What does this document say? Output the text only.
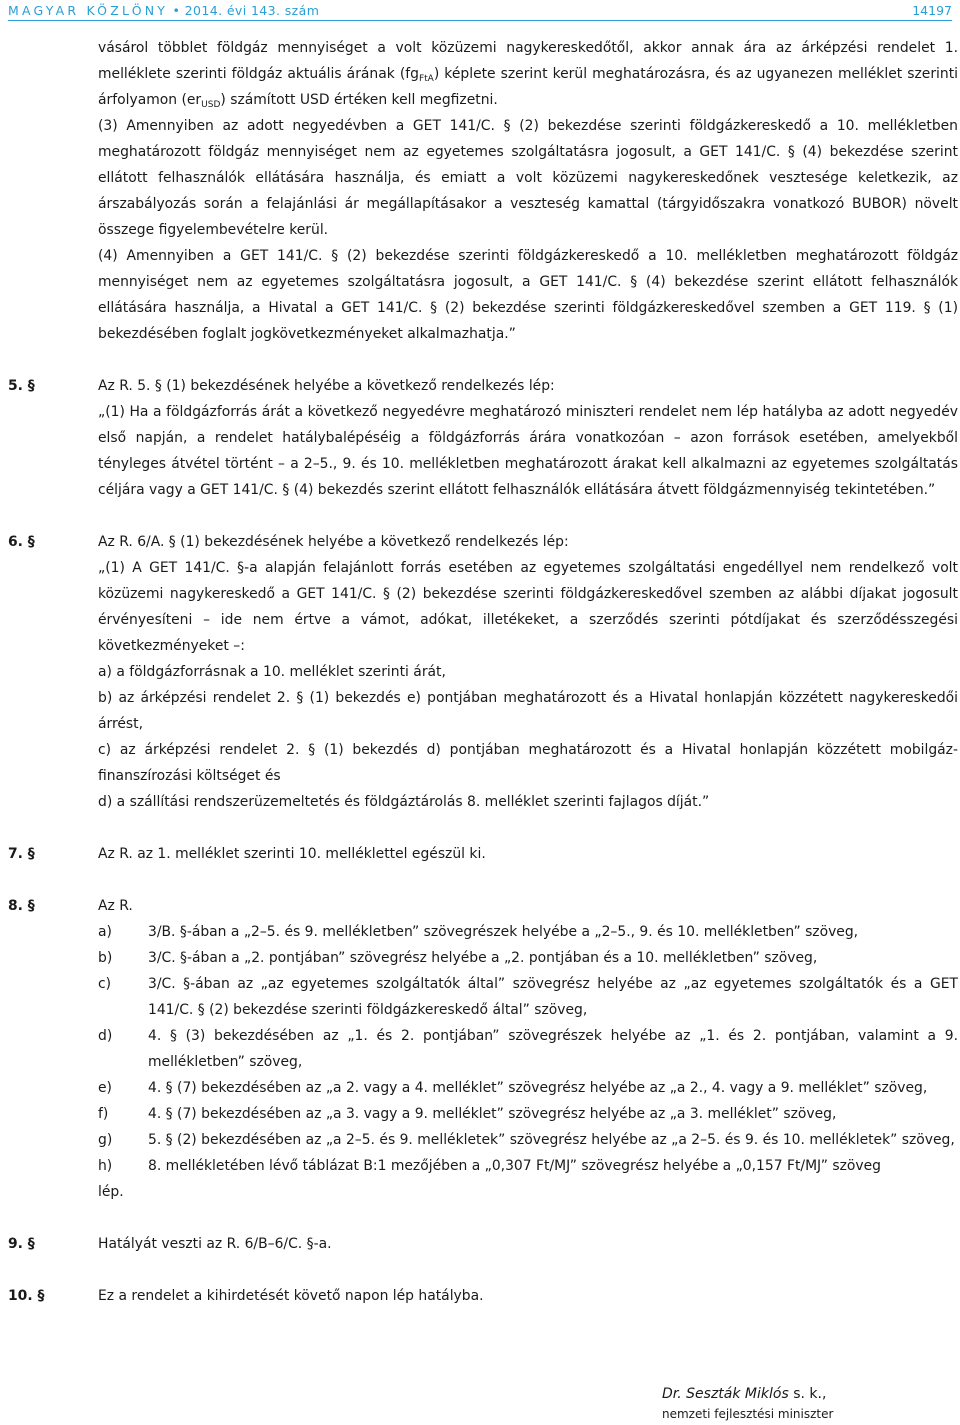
MAGYAR KÖZLÖNY • 2014. évi 143. szám	14197
vásárol többlet földgáz mennyiséget a volt közüzemi nagykereskedőtől, akkor annak ára az árképzési rendelet 1. melléklete szerinti földgáz aktuális árának $(fg_{FtA})$ képlete szerint kerül meghatározásra, és az ugyanezen melléklet szerinti árfolyamon $(er_{USD})$ számított USD értéken kell megfizetni.
(3) Amennyiben az adott negyedévben a GET 141/C. § (2) bekezdése szerinti földgázkereskedő a 10. mellékletben meghatározott földgáz mennyiséget nem az egyetemes szolgáltatásra jogosult, a GET 141/C. § (4) bekezdése szerint ellátott felhasználók ellátására használja, és emiatt a volt közüzemi nagykereskedőnek vesztesége keletkezik, az árszabályozás során a felajánlási ár megállapításakor a veszteség kamattal (tárgyidőszakra vonatkozó BUBOR) növelt összege figyelembevételre kerül.
(4) Amennyiben a GET 141/C. § (2) bekezdése szerinti földgázkereskedő a 10. mellékletben meghatározott földgáz mennyiséget nem az egyetemes szolgáltatásra jogosult, a GET 141/C. § (4) bekezdése szerint ellátott felhasználók ellátására használja, a Hivatal a GET 141/C. § (2) bekezdése szerinti földgázkereskedővel szemben a GET 119. § (1) bekezdésében foglalt jogkövetkezményeket alkalmazhatja.”
5. §	Az R. 5. § (1) bekezdésének helyébe a következő rendelkezés lép:
„(1) Ha a földgázforrás árát a következő negyedévre meghatározó miniszteri rendelet nem lép hatályba az adott negyedév első napján, a rendelet hatálybalépéséig a földgázforrás árára vonatkozóan – azon források esetében, amelyekből tényleges átvétel történt – a 2–5., 9. és 10. mellékletben meghatározott árakat kell alkalmazni az egyetemes szolgáltatás céljára vagy a GET 141/C. § (4) bekezdés szerint ellátott felhasználók ellátására átvett földgázmennyiség tekintetében.”
6. §	Az R. 6/A. § (1) bekezdésének helyébe a következő rendelkezés lép:
„(1) A GET 141/C. §-a alapján felajánlott forrás esetében az egyetemes szolgáltatási engedéllyel nem rendelkező volt közüzemi nagykereskedő a GET 141/C. § (2) bekezdése szerinti földgázkereskedővel szemben az alábbi díjakat jogosult érvényesíteni – ide nem értve a vámot, adókat, illetékeket, a szerződés szerinti pótdíjakat és szerződésszegési következményeket –:
a) a földgázforrásnak a 10. melléklet szerinti árát,
b) az árképzési rendelet 2. § (1) bekezdés e) pontjában meghatározott és a Hivatal honlapján közzétett nagykereskedői árrést,
c) az árképzési rendelet 2. § (1) bekezdés d) pontjában meghatározott és a Hivatal honlapján közzétett mobilgáz-finanszírozási költséget és
d) a szállítási rendszerüzemeltetés és földgáztárolás 8. melléklet szerinti fajlagos díját.”
7. §	Az R. az 1. melléklet szerinti 10. melléklettel egészül ki.
8. §	Az R.
a)	3/B. §-ában a „2–5. és 9. mellékletben” szövegrészek helyébe a „2–5., 9. és 10. mellékletben” szöveg,
b)	3/C. §-ában a „2. pontjában” szövegrész helyébe a „2. pontjában és a 10. mellékletben” szöveg,
c)	3/C. §-ában az „az egyetemes szolgáltatók által” szövegrész helyébe az „az egyetemes szolgáltatók és a GET 141/C. § (2) bekezdése szerinti földgázkereskedő által” szöveg,
d)	4. § (3) bekezdésében az „1. és 2. pontjában” szövegrészek helyébe az „1. és 2. pontjában, valamint a 9. mellékletben” szöveg,
e)	4. § (7) bekezdésében az „a 2. vagy a 4. melléklet” szövegrész helyébe az „a 2., 4. vagy a 9. melléklet” szöveg,
f)	4. § (7) bekezdésében az „a 3. vagy a 9. melléklet” szövegrész helyébe az „a 3. melléklet” szöveg,
g)	5. § (2) bekezdésében az „a 2–5. és 9. mellékletek” szövegrész helyébe az „a 2–5. és 9. és 10. mellékletek” szöveg,
h)	8. mellékletében lévő táblázat B:1 mezőjében a „0,307 Ft/MJ” szövegrész helyébe a „0,157 Ft/MJ” szöveg
lép.
9. §	Hatályát veszti az R. 6/B–6/C. §-a.
10. §	Ez a rendelet a kihirdetését követő napon lép hatályba.
Dr. Seszták Miklós s. k.,
nemzeti fejlesztési miniszter
